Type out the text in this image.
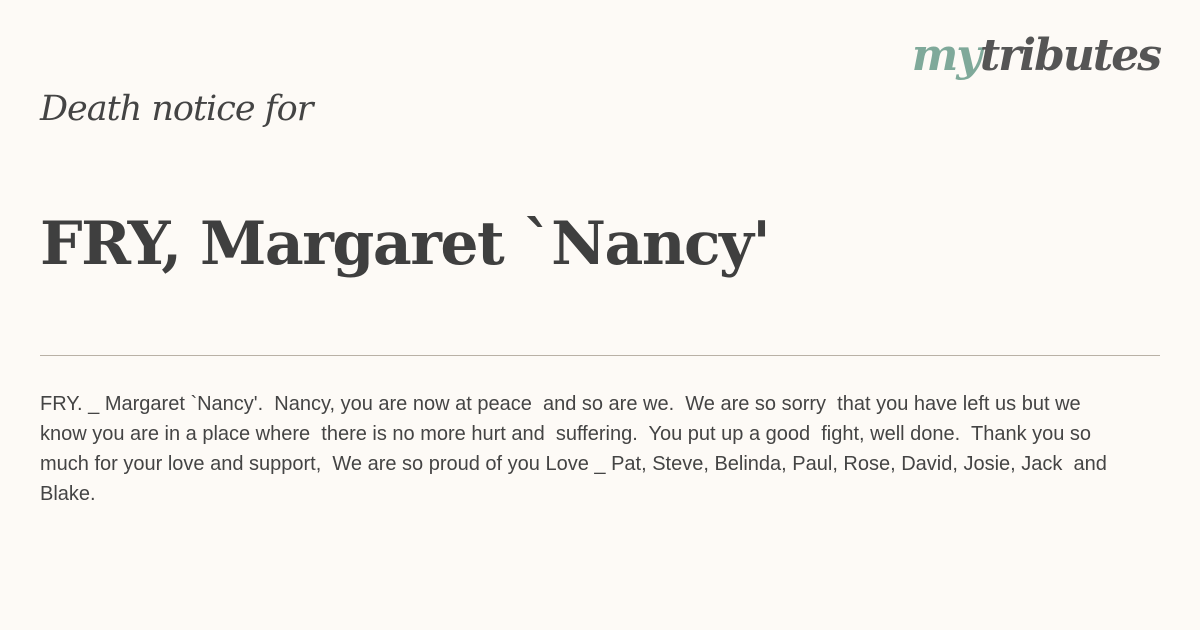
mytributes
Death notice for
FRY, Margaret `Nancy'
FRY. _ Margaret `Nancy'.  Nancy, you are now at peace  and so are we.  We are so sorry  that you have left us but we  know you are in a place where  there is no more hurt and  suffering.  You put up a good  fight, well done.  Thank you so  much for your love and support,  We are so proud of you Love _ Pat, Steve, Belinda, Paul, Rose, David, Josie, Jack  and Blake.
